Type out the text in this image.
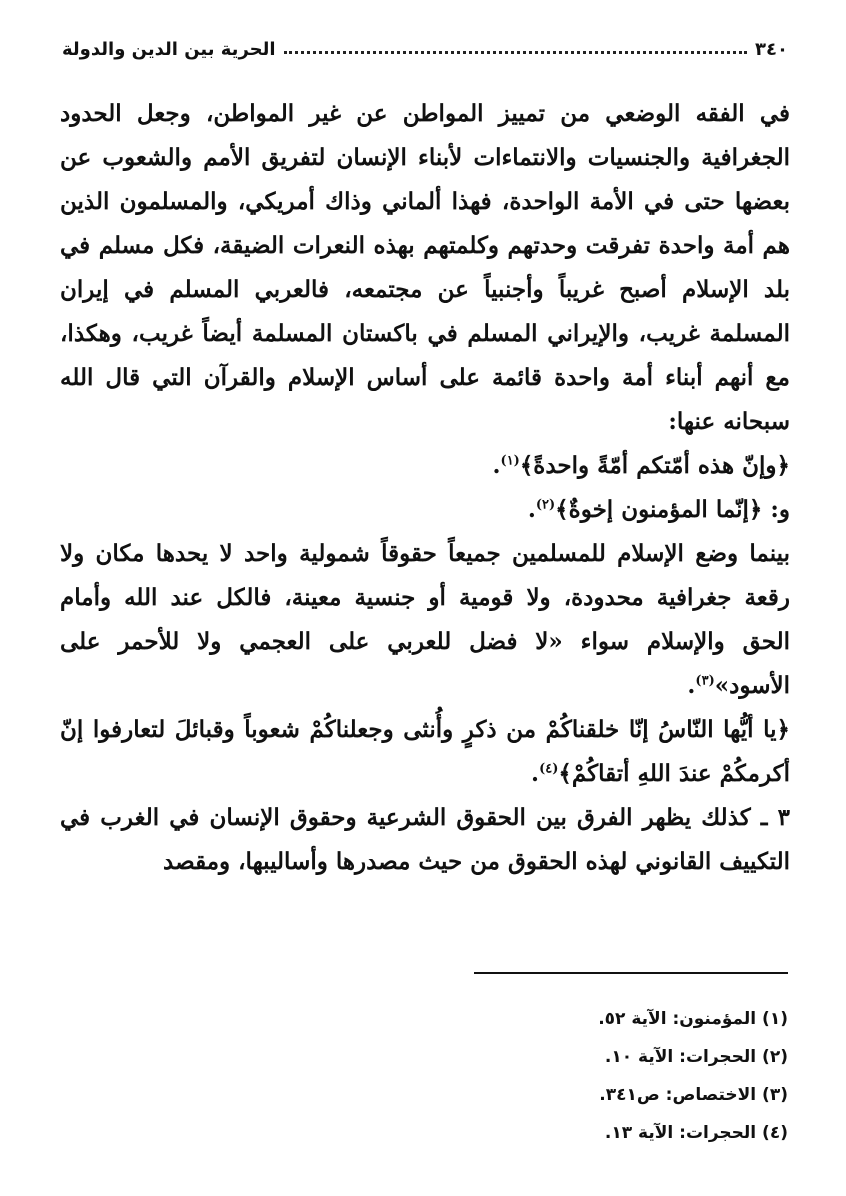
٣٤٠
الحرية بين الدين والدولة

في الفقه الوضعي من تمييز المواطن عن غير المواطن، وجعل الحدود الجغرافية والجنسيات والانتماءات لأبناء الإنسان لتفريق الأمم والشعوب عن بعضها حتى في الأمة الواحدة، فهذا ألماني وذاك أمريكي، والمسلمون الذين هم أمة واحدة تفرقت وحدتهم وكلمتهم بهذه النعرات الضيقة، فكل مسلم في بلد الإسلام أصبح غريباً وأجنبياً عن مجتمعه، فالعربي المسلم في إيران المسلمة غريب، والإيراني المسلم في باكستان المسلمة أيضاً غريب، وهكذا، مع أنهم أبناء أمة واحدة قائمة على أساس الإسلام والقرآن التي قال الله سبحانه عنها:

﴿وإنّ هذه أمّتكم أمّةً واحدةً﴾$^{(١)}$.

و: ﴿إنّما المؤمنون إخوةٌ﴾$^{(٢)}$.

بينما وضع الإسلام للمسلمين جميعاً حقوقاً شمولية واحد لا يحدها مكان ولا رقعة جغرافية محدودة، ولا قومية أو جنسية معينة، فالكل عند الله وأمام الحق والإسلام سواء «لا فضل للعربي على العجمي ولا للأحمر على الأسود»$^{(٣)}$.

﴿يا أيُّها النّاسُ إنّا خلقناكُمْ من ذكرٍ وأُنثى وجعلناكُمْ شعوباً وقبائلَ لتعارفوا إنّ أكرمكُمْ عندَ اللهِ أتقاكُمْ﴾$^{(٤)}$.

٣ ـ كذلك يظهر الفرق بين الحقوق الشرعية وحقوق الإنسان في الغرب في التكييف القانوني لهذه الحقوق من حيث مصدرها وأساليبها، ومقصد

(١) المؤمنون: الآية ٥٢.
(٢) الحجرات: الآية ١٠.
(٣) الاختصاص: ص٣٤١.
(٤) الحجرات: الآية ١٣.
